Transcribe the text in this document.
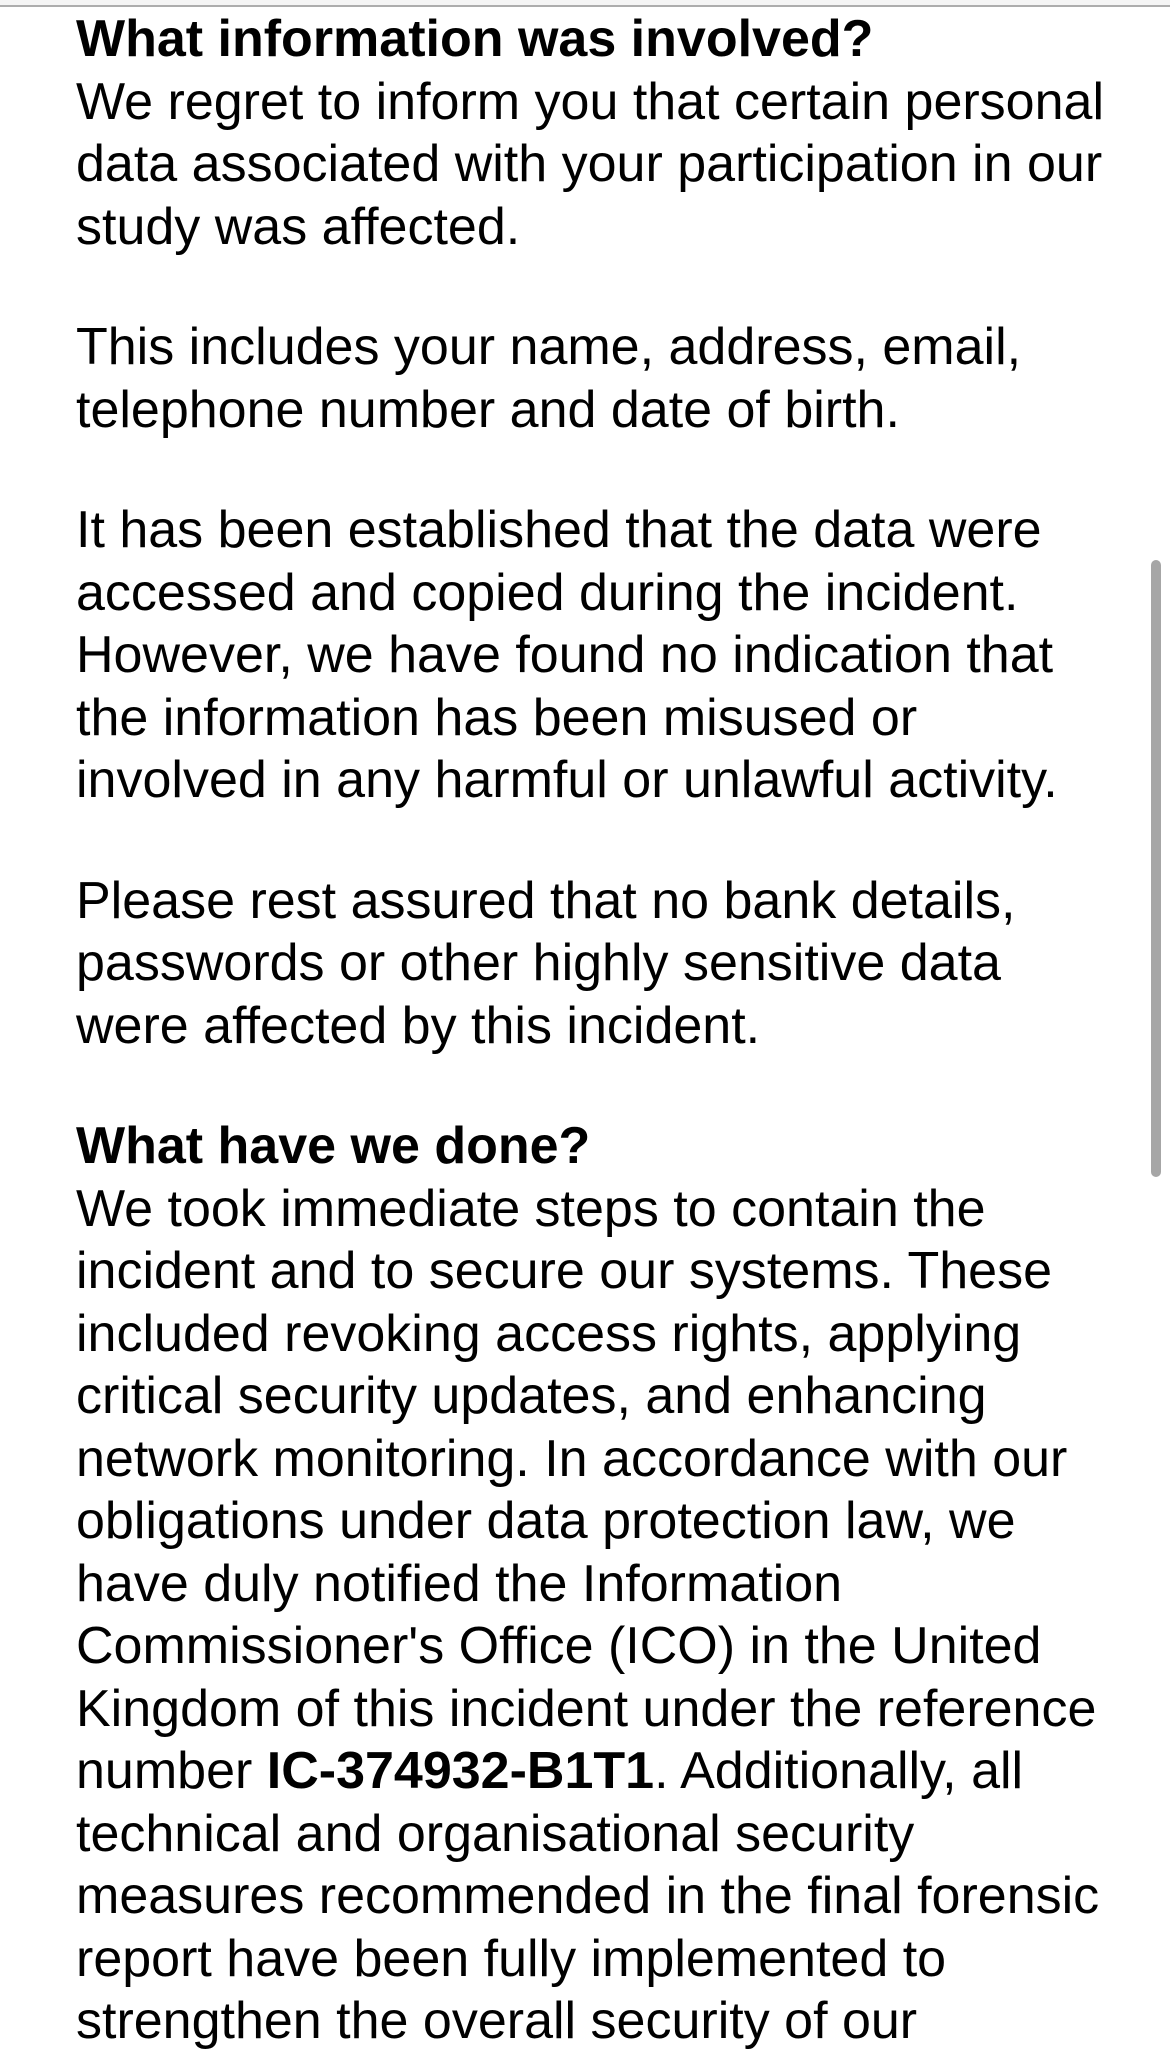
What information was involved?
We regret to inform you that certain personal
data associated with your participation in our
study was affected.
This includes your name, address, email,
telephone number and date of birth.
It has been established that the data were
accessed and copied during the incident.
However, we have found no indication that
the information has been misused or
involved in any harmful or unlawful activity.
Please rest assured that no bank details,
passwords or other highly sensitive data
were affected by this incident.
What have we done?
We took immediate steps to contain the
incident and to secure our systems. These
included revoking access rights, applying
critical security updates, and enhancing
network monitoring. In accordance with our
obligations under data protection law, we
have duly notified the Information
Commissioner's Office (ICO) in the United
Kingdom of this incident under the reference
number IC-374932-B1T1. Additionally, all
technical and organisational security
measures recommended in the final forensic
report have been fully implemented to
strengthen the overall security of our
